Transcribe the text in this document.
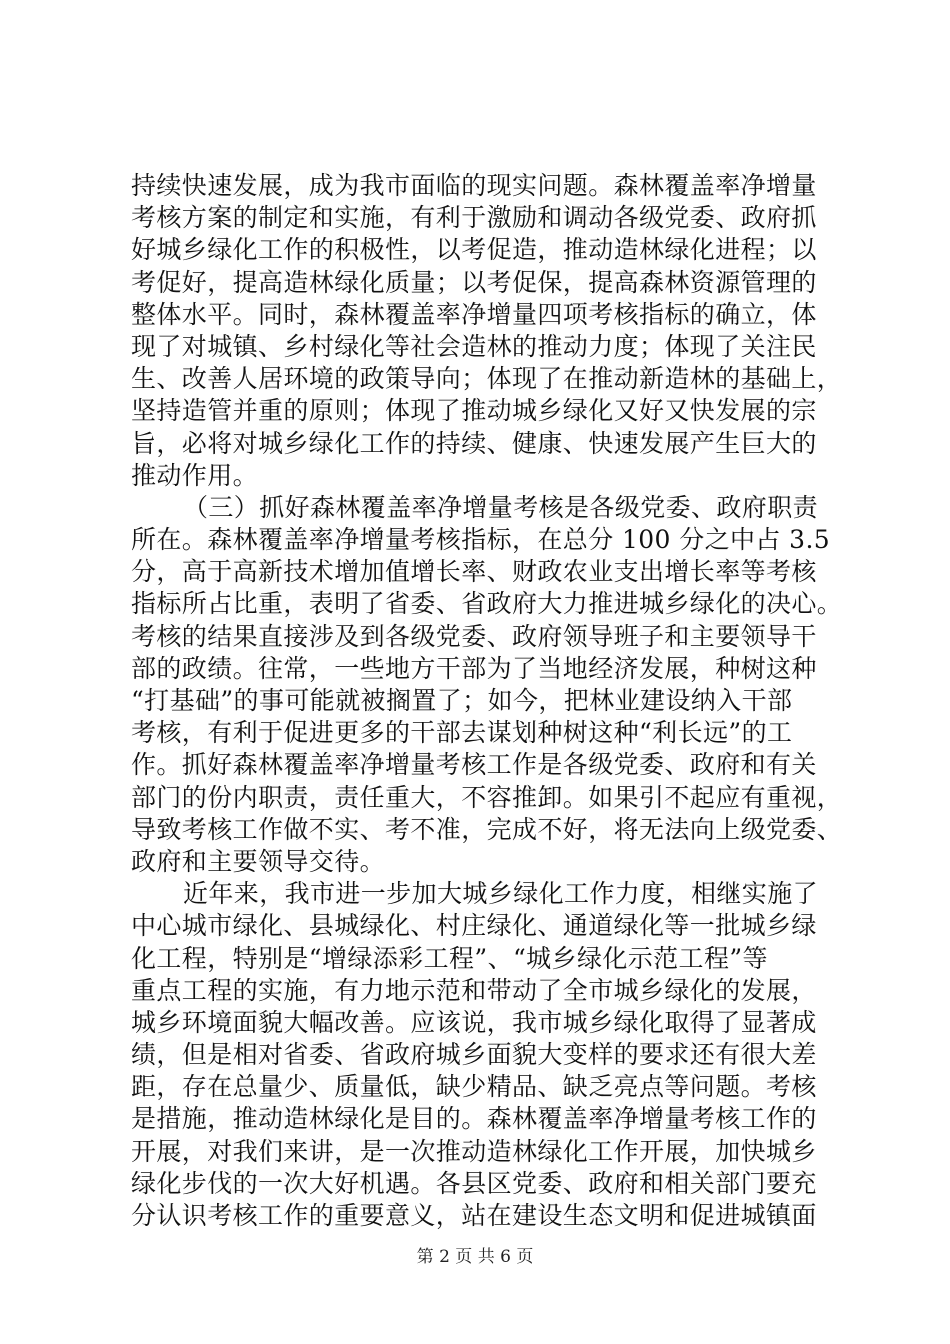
持续快速发展，成为我市面临的现实问题。森林覆盖率净增量
考核方案的制定和实施，有利于激励和调动各级党委、政府抓
好城乡绿化工作的积极性，以考促造，推动造林绿化进程；以
考促好，提高造林绿化质量；以考促保，提高森林资源管理的
整体水平。同时，森林覆盖率净增量四项考核指标的确立，体
现了对城镇、乡村绿化等社会造林的推动力度；体现了关注民
生、改善人居环境的政策导向；体现了在推动新造林的基础上，
坚持造管并重的原则；体现了推动城乡绿化又好又快发展的宗
旨，必将对城乡绿化工作的持续、健康、快速发展产生巨大的
推动作用。
（三）抓好森林覆盖率净增量考核是各级党委、政府职责
所在。森林覆盖率净增量考核指标，在总分 100 分之中占 3.5
分，高于高新技术增加值增长率、财政农业支出增长率等考核
指标所占比重，表明了省委、省政府大力推进城乡绿化的决心。
考核的结果直接涉及到各级党委、政府领导班子和主要领导干
部的政绩。往常，一些地方干部为了当地经济发展，种树这种
“打基础”的事可能就被搁置了；如今，把林业建设纳入干部
考核，有利于促进更多的干部去谋划种树这种“利长远”的工
作。抓好森林覆盖率净增量考核工作是各级党委、政府和有关
部门的份内职责，责任重大，不容推卸。如果引不起应有重视，
导致考核工作做不实、考不准，完成不好，将无法向上级党委、
政府和主要领导交待。
近年来，我市进一步加大城乡绿化工作力度，相继实施了
中心城市绿化、县城绿化、村庄绿化、通道绿化等一批城乡绿
化工程，特别是“增绿添彩工程”、“城乡绿化示范工程”等
重点工程的实施，有力地示范和带动了全市城乡绿化的发展，
城乡环境面貌大幅改善。应该说，我市城乡绿化取得了显著成
绩，但是相对省委、省政府城乡面貌大变样的要求还有很大差
距，存在总量少、质量低，缺少精品、缺乏亮点等问题。考核
是措施，推动造林绿化是目的。森林覆盖率净增量考核工作的
开展，对我们来讲，是一次推动造林绿化工作开展，加快城乡
绿化步伐的一次大好机遇。各县区党委、政府和相关部门要充
分认识考核工作的重要意义，站在建设生态文明和促进城镇面
第 2 页 共 6 页
